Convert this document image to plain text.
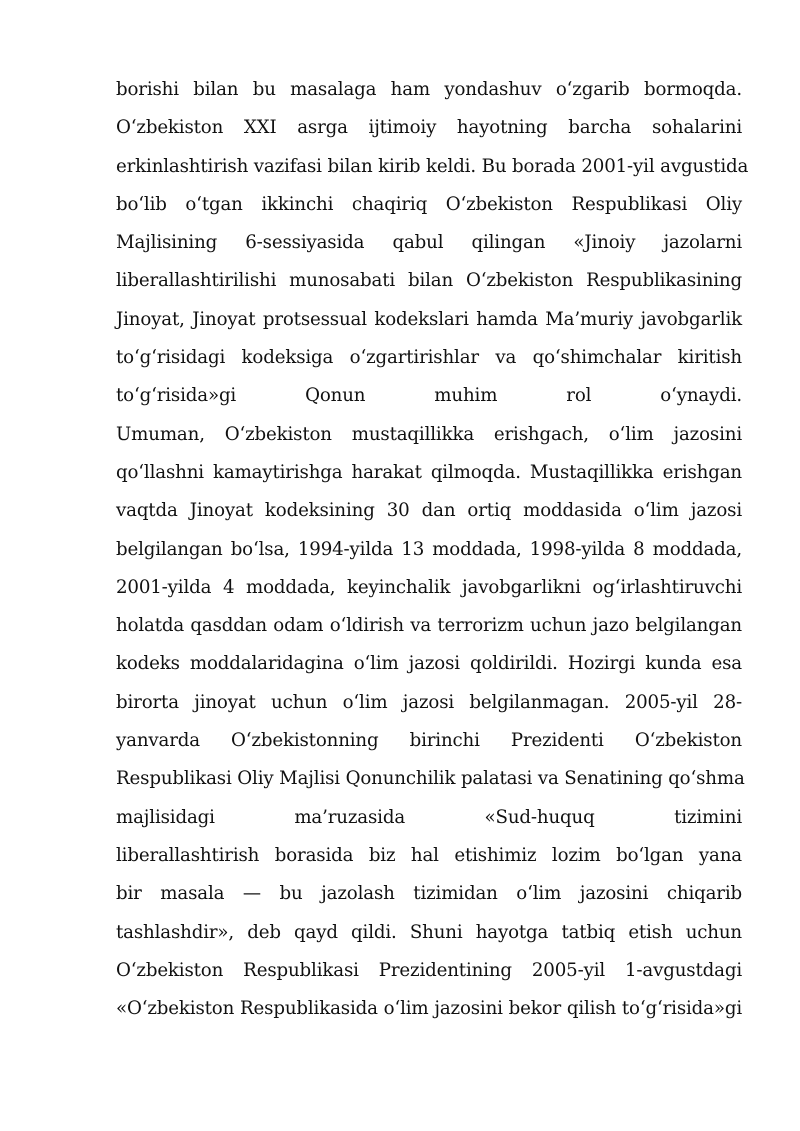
borishi bilan bu masalaga ham yondashuv o‘zgarib bormoqda.
O‘zbekiston XXI asrga ijtimoiy hayotning barcha sohalarini
erkinlashtirish vazifasi bilan kirib keldi. Bu borada 2001-yil avgustida
bo‘lib o‘tgan ikkinchi chaqiriq O‘zbekiston Respublikasi Oliy
Majlisining 6-sessiyasida qabul qilingan «Jinoiy jazolarni
liberallashtirilishi munosabati bilan O‘zbekiston Respublikasining
Jinoyat, Jinoyat protsessual kodekslari hamda Ma’muriy javobgarlik
to‘g‘risidagi kodeksiga o‘zgartirishlar va qo‘shimchalar kiritish
to‘g‘risida»gi Qonun muhim rol o‘ynaydi.
Umuman, O‘zbekiston mustaqillikka erishgach, o‘lim jazosini
qo‘llashni kamaytirishga harakat qilmoqda. Mustaqillikka erishgan
vaqtda Jinoyat kodeksining 30 dan ortiq moddasida o‘lim jazosi
belgilangan bo‘lsa, 1994-yilda 13 moddada, 1998-yilda 8 moddada,
2001-yilda 4 moddada, keyinchalik javobgarlikni og‘irlashtiruvchi
holatda qasddan odam o‘ldirish va terrorizm uchun jazo belgilangan
kodeks moddalaridagina o‘lim jazosi qoldirildi. Hozirgi kunda esa
birorta jinoyat uchun o‘lim jazosi belgilanmagan. 2005-yil 28-
yanvarda O‘zbekistonning birinchi Prezidenti O‘zbekiston
Respublikasi Oliy Majlisi Qonunchilik palatasi va Senatining qo‘shma
majlisidagi ma’ruzasida «Sud-huquq tizimini
liberallashtirish borasida biz hal etishimiz lozim bo‘lgan yana
bir masala — bu jazolash tizimidan o‘lim jazosini chiqarib
tashlashdir», deb qayd qildi. Shuni hayotga tatbiq etish uchun
O‘zbekiston Respublikasi Prezidentining 2005-yil 1-avgustdagi
«O‘zbekiston Respublikasida o‘lim jazosini bekor qilish to‘g‘risida»gi
